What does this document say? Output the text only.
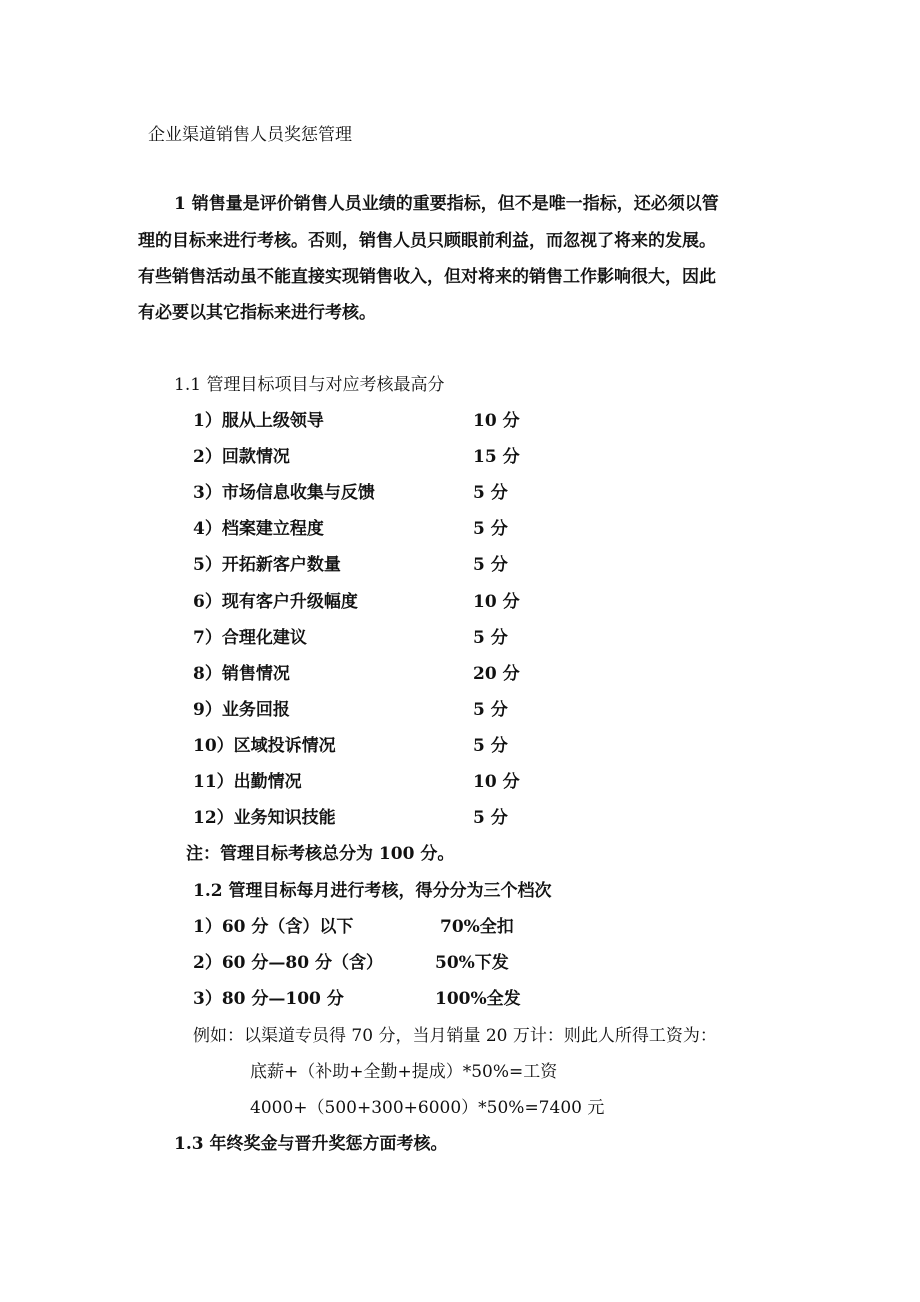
企业渠道销售人员奖惩管理
1 销售量是评价销售人员业绩的重要指标，但不是唯一指标，还必须以管
理的目标来进行考核。否则，销售人员只顾眼前利益，而忽视了将来的发展。
有些销售活动虽不能直接实现销售收入，但对将来的销售工作影响很大，因此
有必要以其它指标来进行考核。
1.1 管理目标项目与对应考核最高分
1）服从上级领导	10 分
2）回款情况	15 分
3）市场信息收集与反馈	5 分
4）档案建立程度	5 分
5）开拓新客户数量	5 分
6）现有客户升级幅度	10 分
7）合理化建议	5 分
8）销售情况	20 分
9）业务回报	5 分
10）区域投诉情况	5 分
11）出勤情况	10 分
12）业务知识技能	5 分
注：管理目标考核总分为 100 分。
1.2 管理目标每月进行考核，得分分为三个档次
1）60 分（含）以下	70%全扣
2）60 分—80 分（含）	50%下发
3）80 分—100 分	100%全发
例如：以渠道专员得 70 分，当月销量 20 万计：则此人所得工资为：
底薪+（补助+全勤+提成）*50%=工资
4000+（500+300+6000）*50%=7400 元
1.3 年终奖金与晋升奖惩方面考核。
